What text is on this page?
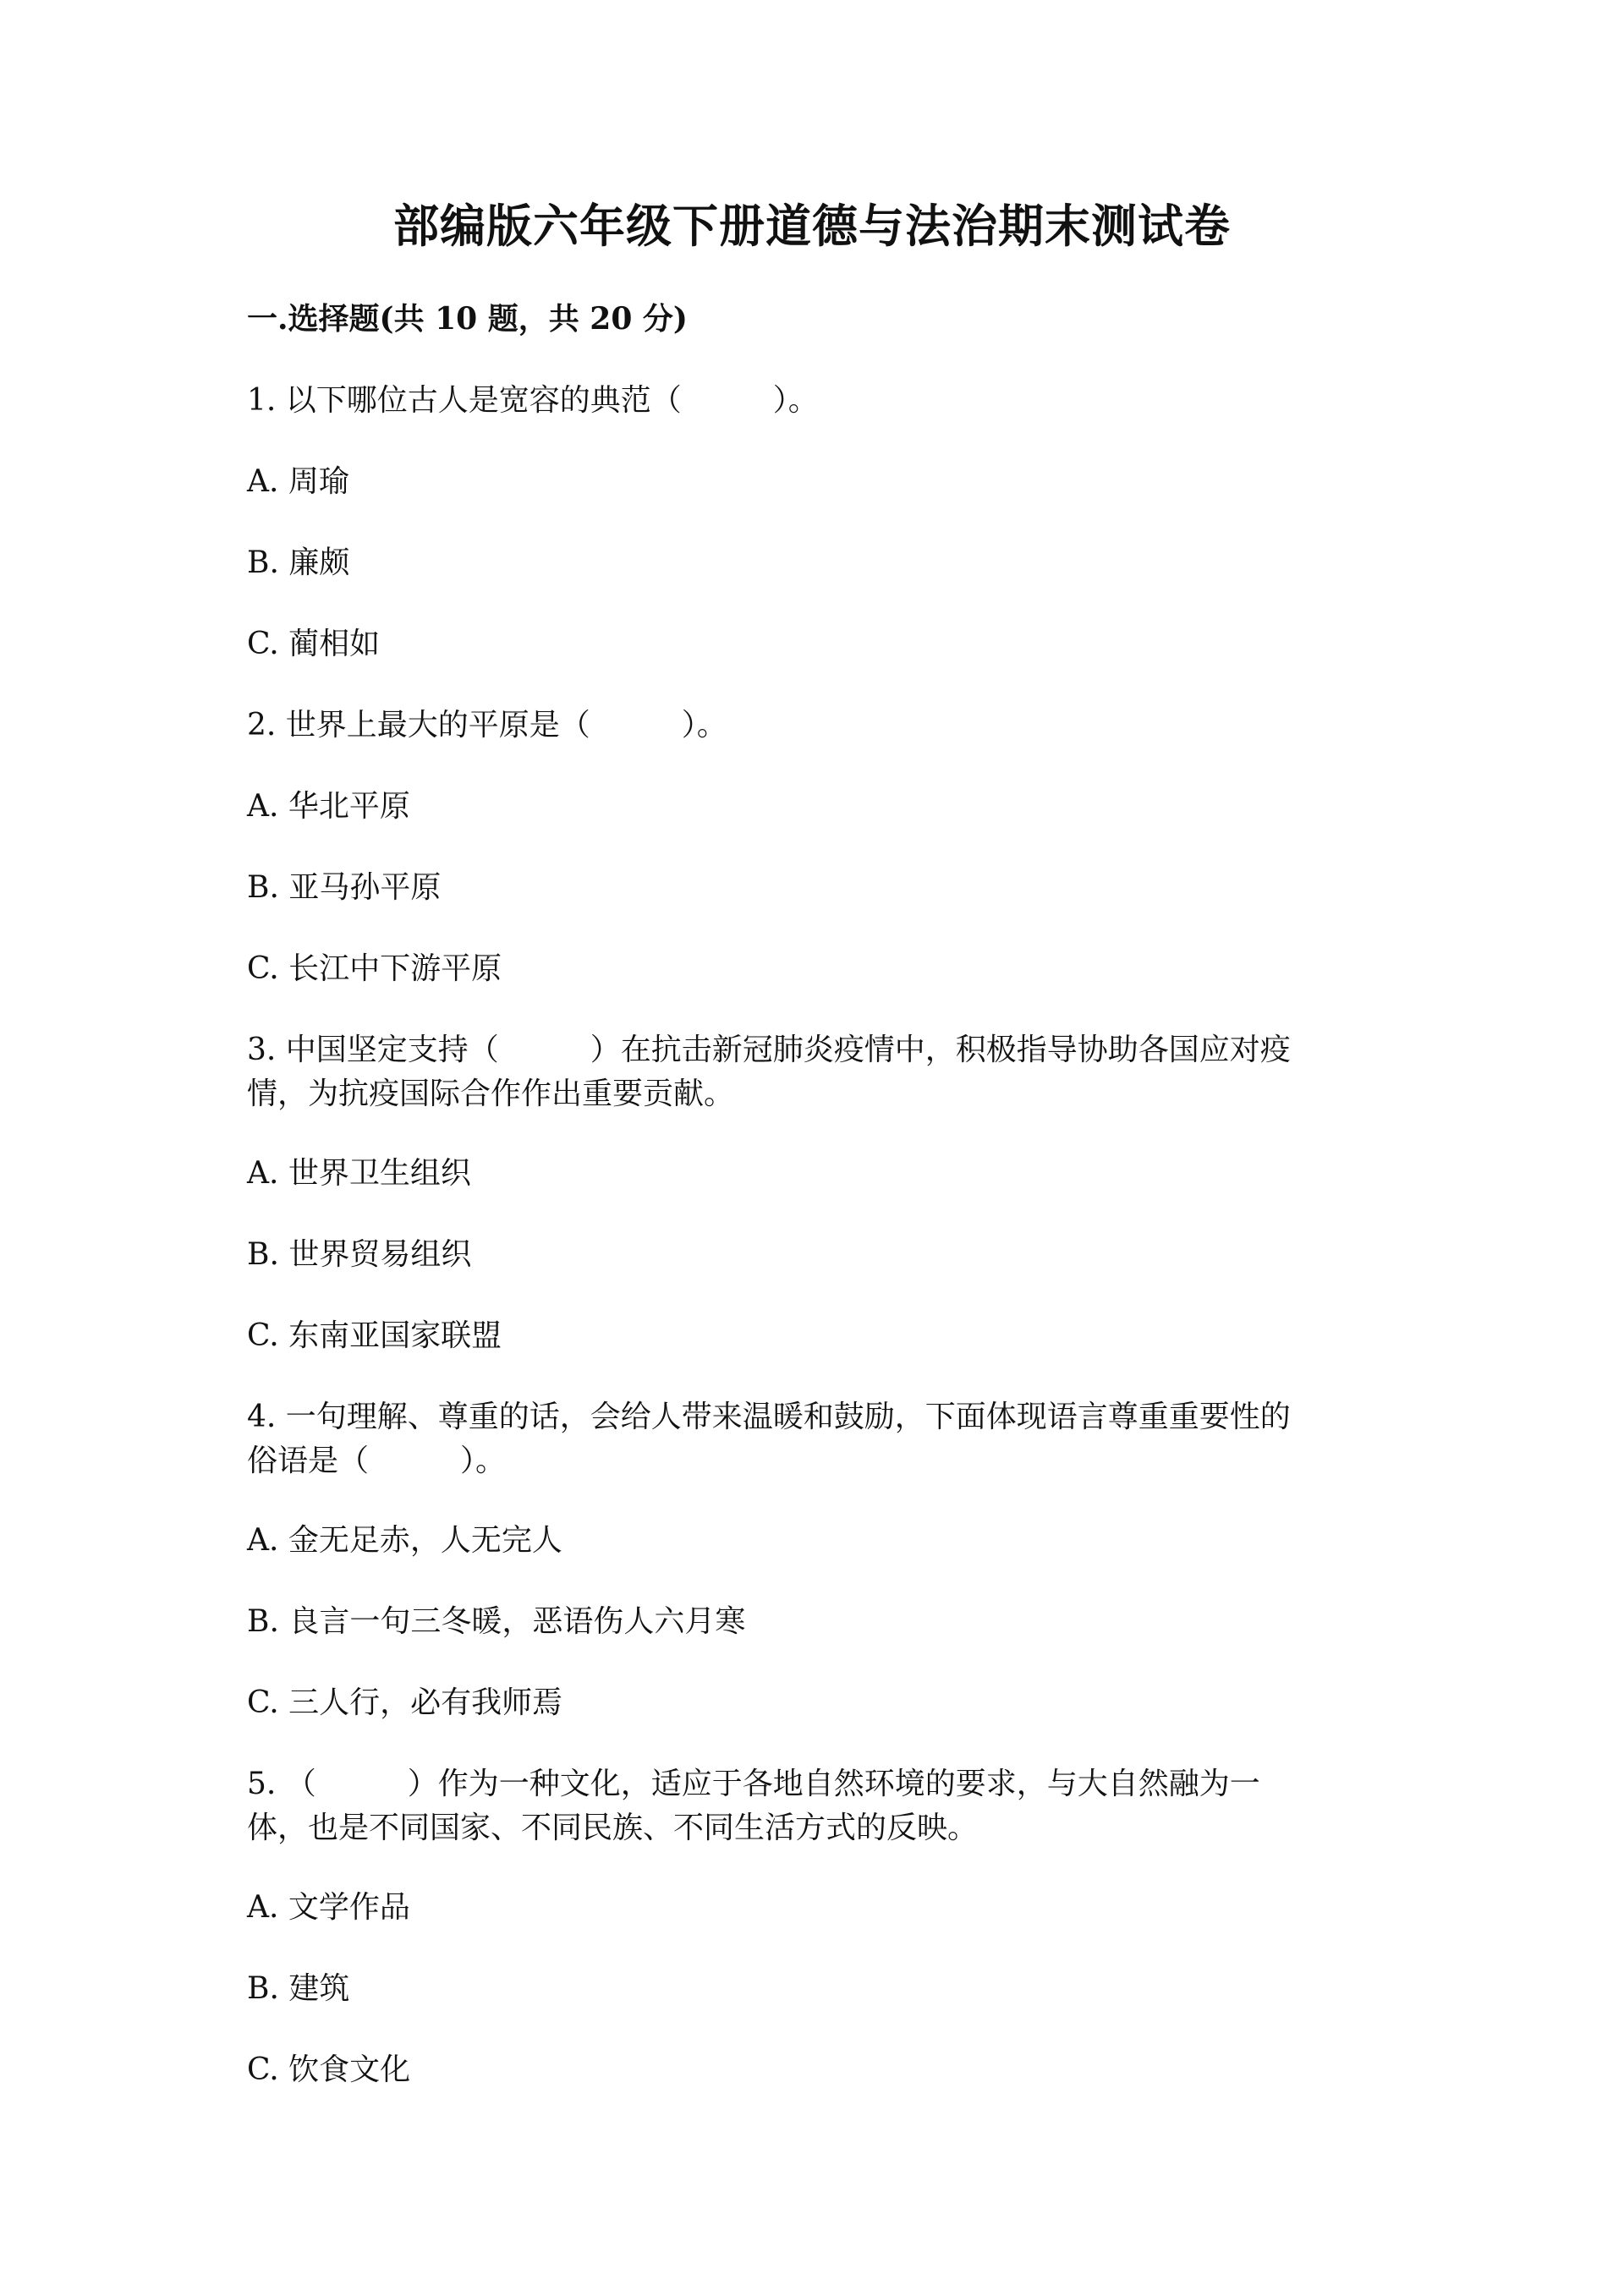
部编版六年级下册道德与法治期末测试卷
一.选择题(共 10 题，共 20 分)
1. 以下哪位古人是宽容的典范（　　　）。
A. 周瑜
B. 廉颇
C. 蔺相如
2. 世界上最大的平原是（　　　）。
A. 华北平原
B. 亚马孙平原
C. 长江中下游平原
3. 中国坚定支持（　　　）在抗击新冠肺炎疫情中，积极指导协助各国应对疫
情，为抗疫国际合作作出重要贡献。
A. 世界卫生组织
B. 世界贸易组织
C. 东南亚国家联盟
4. 一句理解、尊重的话，会给人带来温暖和鼓励，下面体现语言尊重重要性的
俗语是（　　　）。
A. 金无足赤，人无完人
B. 良言一句三冬暖，恶语伤人六月寒
C. 三人行，必有我师焉
5. （　　　）作为一种文化，适应于各地自然环境的要求，与大自然融为一
体，也是不同国家、不同民族、不同生活方式的反映。
A. 文学作品
B. 建筑
C. 饮食文化
